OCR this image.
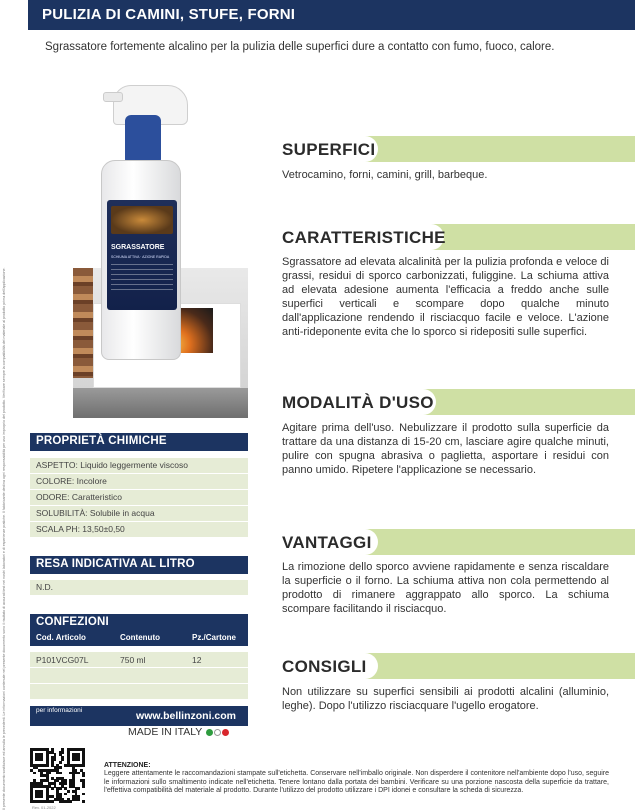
PULIZIA DI CAMINI, STUFE, FORNI

Sgrassatore fortemente alcalino per la pulizia delle superfici dure a contatto con fumo, fuoco, calore.

Il presente documento sostituisce ed annulla le precedenti. Le informazioni contenute nel presente documento sono il risultato di accurati test nei nostri laboratori e di esperienze pratiche. Il fabbricante declina ogni responsabilità per uso improprio del prodotto. Verificare sempre la compatibilità del materiale al prodotto prima dell'applicazione.
SGRASSATORE
SCHIUMA ATTIVA · AZIONE RAPIDA
PROPRIETÀ CHIMICHE
ASPETTO: Liquido leggermente viscoso
COLORE: Incolore
ODORE: Caratteristico
SOLUBILITÀ: Solubile in acqua
SCALA PH: 13,50±0,50
RESA INDICATIVA AL LITRO
N.D.
CONFEZIONI
Cod. Articolo	Contenuto	Pz./Cartone
P101VCG07L	750 ml	12
per informazioni	www.bellinzoni.com
MADE IN ITALY
SUPERFICI

Vetrocamino, forni, camini, grill, barbeque.

CARATTERISTICHE

Sgrassatore ad elevata alcalinità per la pulizia profonda e veloce di grassi, residui di sporco carbonizzati, fuliggine. La schiuma attiva ad elevata adesione aumenta l'efficacia a freddo anche sulle superfici verticali e scompare dopo qualche minuto dall'applicazione rendendo il risciacquo facile e veloce. L'azione anti-rideponente evita che lo sporco si ridepositi sulle superfici.

MODALITÀ D'USO

Agitare prima dell'uso. Nebulizzare il prodotto sulla superficie da trattare da una distanza di 15-20 cm, lasciare agire qualche minuti, pulire con spugna abrasiva o paglietta, asportare i residui con panno umido. Ripetere l'applicazione se necessario.

VANTAGGI

La rimozione dello sporco avviene rapidamente e senza riscaldare la superficie o il forno. La schiuma attiva non cola permettendo al prodotto di rimanere aggrappato allo sporco. La schiuma scompare facilitando il risciacquo.

CONSIGLI

Non utilizzare su superfici sensibili ai prodotti alcalini (alluminio, leghe). Dopo l'utilizzo risciacquare l'ugello erogatore.

ATTENZIONE:

Leggere attentamente le raccomandazioni stampate sull'etichetta. Conservare nell'imballo originale. Non disperdere il contenitore nell'ambiente dopo l'uso, seguire le informazioni sullo smaltimento indicate nell'etichetta. Tenere lontano dalla portata dei bambini. Verificare su una porzione nascosta della superficie da trattare, l'effettiva compatibilità del materiale al prodotto. Durante l'utilizzo del prodotto utilizzare i DPI idonei e consultare la scheda di sicurezza.

Rev. 01-2022
